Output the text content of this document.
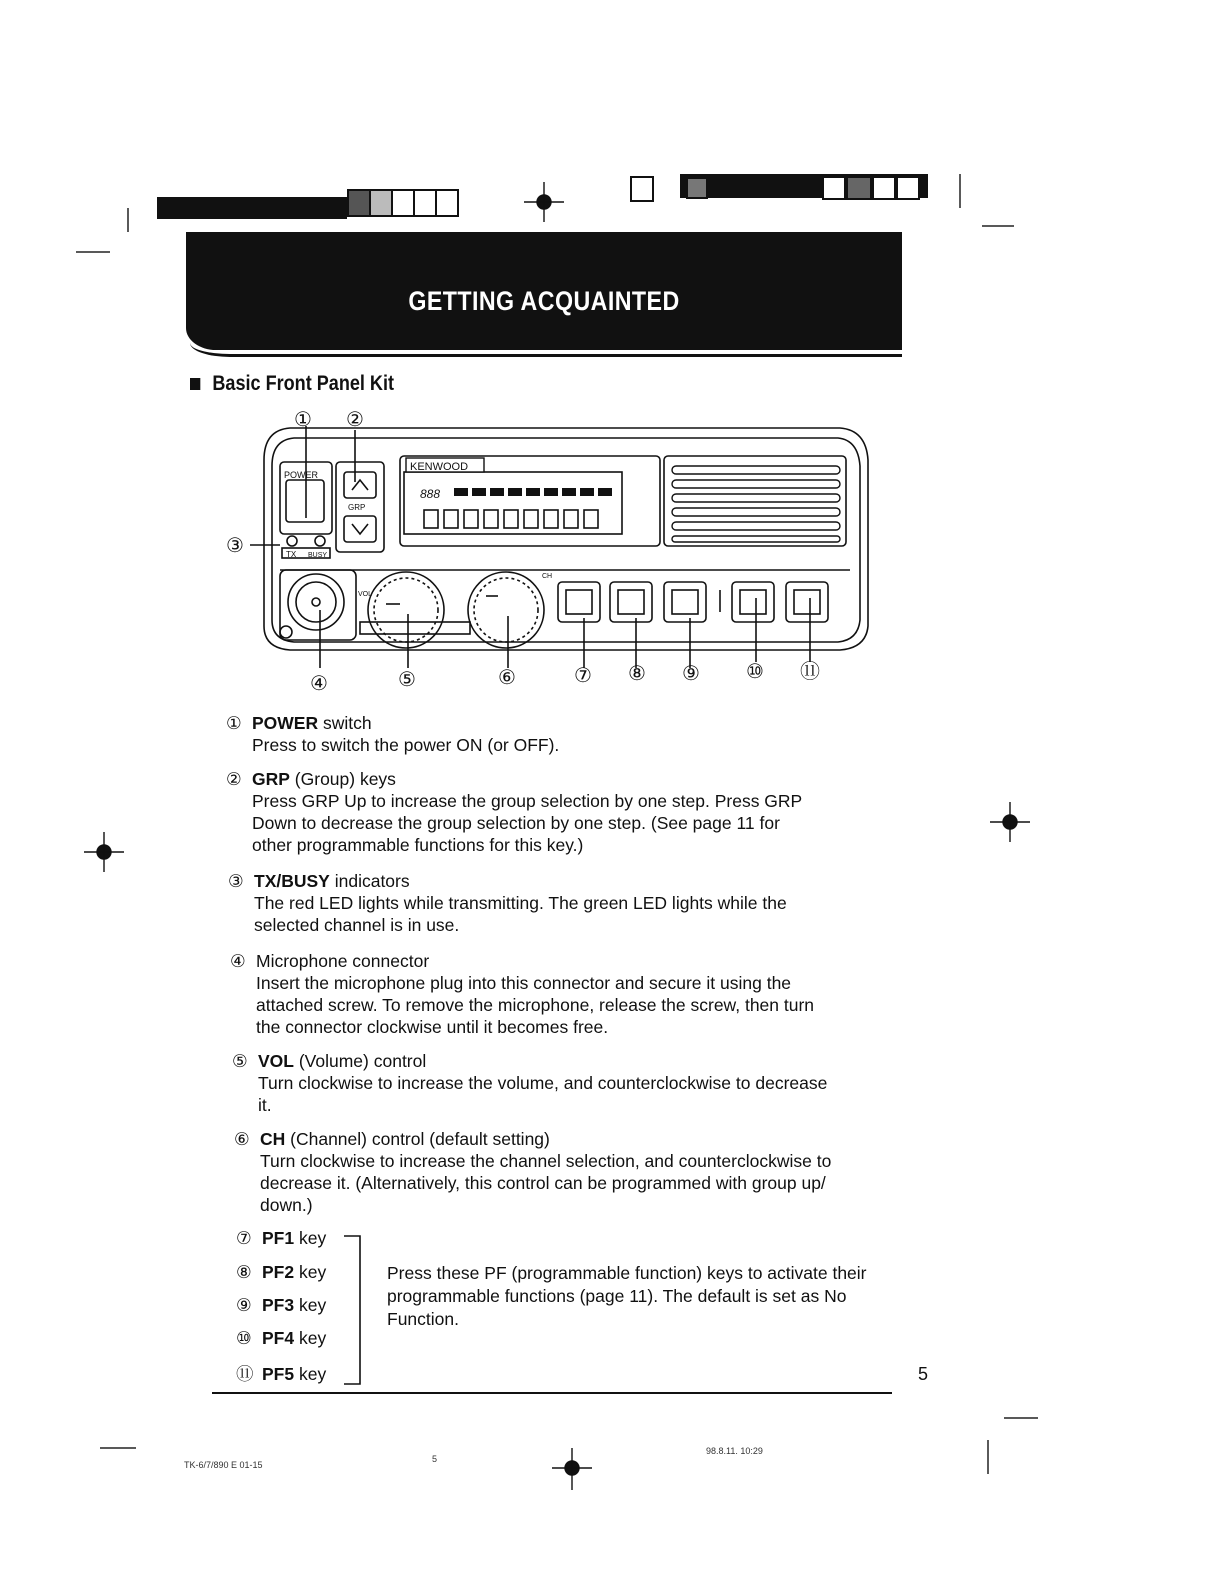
GETTING ACQUAINTED
Basic Front Panel Kit
KENWOOD
888
POWER
GRP
TX BUSY
VOL
CH
① ②
③
④	⑤	⑥	⑦ ⑧ ⑨ ⑩ ⑪
① POWER switch
Press to switch the power ON (or OFF).
② GRP (Group) keys
Press GRP Up to increase the group selection by one step. Press GRP
Down to decrease the group selection by one step. (See page 11 for
other programmable functions for this key.)
③ TX/BUSY indicators
The red LED lights while transmitting. The green LED lights while the
selected channel is in use.
④ Microphone connector
Insert the microphone plug into this connector and secure it using the
attached screw. To remove the microphone, release the screw, then turn
the connector clockwise until it becomes free.
⑤ VOL (Volume) control
Turn clockwise to increase the volume, and counterclockwise to decrease
it.
⑥ CH (Channel) control (default setting)
Turn clockwise to increase the channel selection, and counterclockwise to
decrease it. (Alternatively, this control can be programmed with group up/
down.)
⑦ PF1 key
⑧ PF2 key
⑨ PF3 key
⑩ PF4 key
⑪ PF5 key
Press these PF (programmable function) keys to activate their programmable functions (page 11). The default is set as No Function.
5
TK-6/7/890 E 01-15
5
98.8.11. 10:29
